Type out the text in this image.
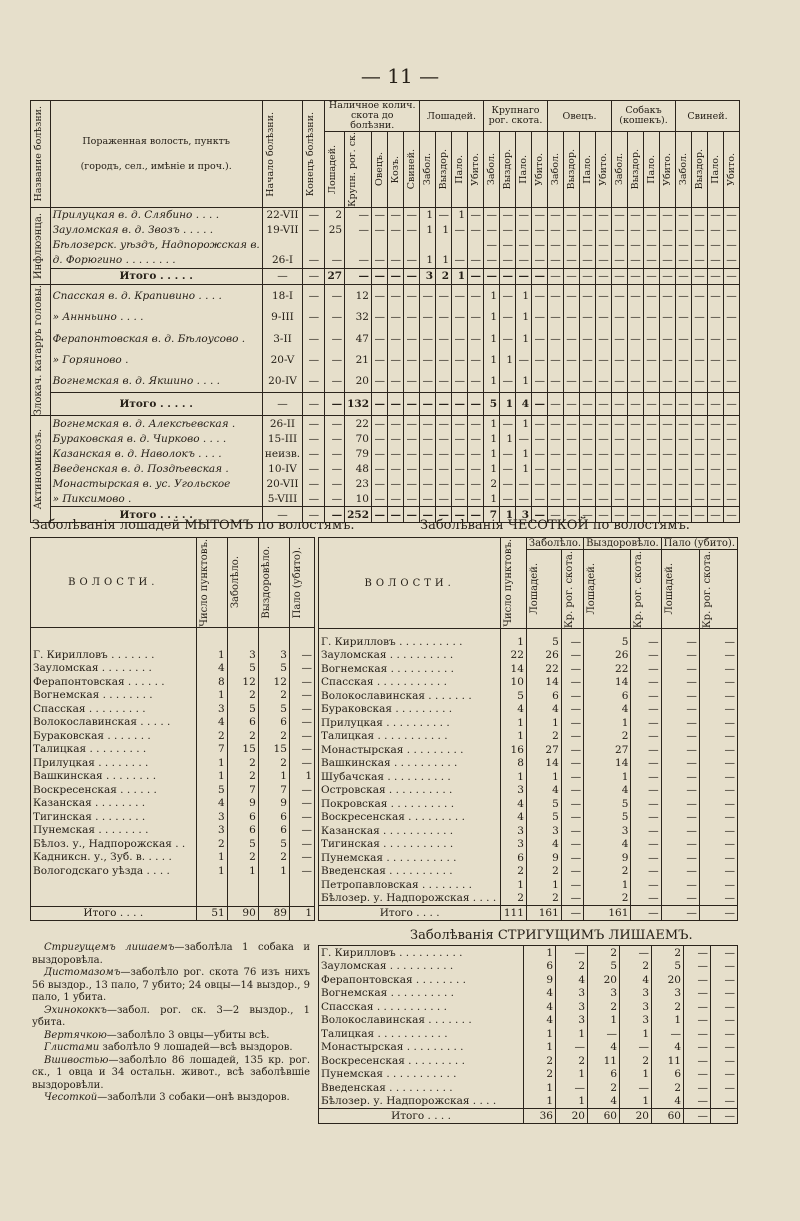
— 11 —
Название болѣзни.	Пораженная волость, пунктъ
(городъ, сел., имѣніе и проч.).	Начало болѣзни.	Конецъ болѣзни.	Наличное колич. скота до болѣзни.					Лошадей.				Крупнаго рог. скота.				Овецъ.				Собакъ (кошекъ).				Свиней.			

				Лошадей.	Крупн. рог. ск.	Овецъ.	Козъ.	Свиней.	Забол.	Выздор.	Пало.	Убито.	Забол.	Выздор.	Пало.	Убито.	Забол.	Выздор.	Пало.	Убито.	Забол.	Выздор.	Пало.	Убито.	Забол.	Выздор.	Пало.	Убито.

Инфлюэнца.	Прилуцкая в. д. Слябино . . . .	22-VII	—	2	—	—	—	—	1	—	1	—	—	—	—	—	—	—	—	—	—	—	—	—	—	—	—	—
	Зауломская в. д. Звозъ . . . . .	19-VII	—	25	—	—	—	—	1	1	—	—	—	—	—	—	—	—	—	—	—	—	—	—	—	—	—	—
	Бѣлозерск. уѣздъ, Надпорожская в.												—	—	—	—	—	—	—	—	—	—	—	—	—	—	—	—
	д. Форюгино . . . . . . . .	26-I	—	—	—	—	—	—	1	1	—	—	—	—	—	—	—	—	—	—	—	—	—	—	—	—	—	—
	Итого . . . . .	—	—	27	—	—	—	—	3	2	1	—	—	—	—	—	—	—	—	—	—	—	—	—	—	—	—	—

Злокач. катарръ головы.	Спасская в. д. Крапивино . . . .	18-I	—	—	12	—	—	—	—	—	—	—	1	—	1	—	—	—	—	—	—	—	—	—	—	—	—	—
	» Аннньино . . . .	9-III	—	—	32	—	—	—	—	—	—	—	1	—	1	—	—	—	—	—	—	—	—	—	—	—	—	—
	Ферапонтовская в. д. Бѣлоусово .	3-II	—	—	47	—	—	—	—	—	—	—	1	—	1	—	—	—	—	—	—	—	—	—	—	—	—	—
	» Горяиново .	20-V	—	—	21	—	—	—	—	—	—	—	1	1	—	—	—	—	—	—	—	—	—	—	—	—	—	—
	Вогнемская в. д. Якшино . . . .	20-IV	—	—	20	—	—	—	—	—	—	—	1	—	1	—	—	—	—	—	—	—	—	—	—	—	—	—
	Итого . . . . .	—	—	—	132	—	—	—	—	—	—	—	5	1	4	—	—	—	—	—	—	—	—	—	—	—	—	—

Актиномикозъ.	Вогнемская в. д. Алексѣевская .	26-II	—	—	22	—	—	—	—	—	—	—	1	—	1	—	—	—	—	—	—	—	—	—	—	—	—	—
	Бураковская в. д. Чирково . . . .	15-III	—	—	70	—	—	—	—	—	—	—	1	1	—	—	—	—	—	—	—	—	—	—	—	—	—	—
	Казанская в. д. Наволокъ . . . .	неизв.	—	—	79	—	—	—	—	—	—	—	1	—	1	—	—	—	—	—	—	—	—	—	—	—	—	—
	Введенская в. д. Поздѣевская .	10-IV	—	—	48	—	—	—	—	—	—	—	1	—	1	—	—	—	—	—	—	—	—	—	—	—	—	—
	Монастырская в. ус. Угольское	20-VII	—	—	23	—	—	—	—	—	—	—	2	—	—	—	—	—	—	—	—	—	—	—	—	—	—	—
	» Пиксимово .	5-VIII	—	—	10	—	—	—	—	—	—	—	1	—	—	—	—	—	—	—	—	—	—	—	—	—	—	—
	Итого . . . . .	—	—	—	252	—	—	—	—	—	—	—	7	1	3	—	—	—	—	—	—	—	—	—	—	—	—	—
Заболѣванія лошадей МЫТОМЪ по волостямъ.	Заболѣванія ЧЕСОТКОЙ по волостямъ.
ВОЛОСТИ.	Число пунктовъ.	Заболѣло.	Выздоровѣло.	Пало (убито).

Г. Кирилловъ . . . . . . .	1	3	3	—
Зауломская . . . . . . . .	4	5	5	—
Ферапонтовская . . . . . .	8	12	12	—
Вогнемская . . . . . . . .	1	2	2	—
Спасская . . . . . . . . .	3	5	5	—
Волокославинская . . . . .	4	6	6	—
Бураковская . . . . . . .	2	2	2	—
Талицкая . . . . . . . . .	7	15	15	—
Прилуцкая . . . . . . . .	1	2	2	—
Вашкинская . . . . . . . .	1	2	1	1
Воскресенская . . . . . .	5	7	7	—
Казанская . . . . . . . .	4	9	9	—
Тигинская . . . . . . . .	3	6	6	—
Пунемская . . . . . . . .	3	6	6	—
Бѣлоз. у., Надпорожская . .	2	5	5	—
Кадниксн. у., Зуб. в. . . . .	1	2	2	—
Вологодскаго уѣзда . . . .	1	1	1	—

Итого . . . .	51	90	89	1

Стригущемъ лишаемъ—заболѣла 1 собака и выздоровѣла.

Дистомазомъ—заболѣло рог. скота 76 изъ нихъ 56 выздор., 13 пало, 7 убито; 24 овцы—14 выздор., 9 пало, 1 убита.

Эхинококкъ—забол. рог. ск. 3—2 выздор., 1 убита.

Вертячкою—заболѣло 3 овцы—убиты всѣ.

Глистами заболѣло 9 лошадей—всѣ выздоров.

Вшивостью—заболѣло 86 лошадей, 135 кр. рог. ск., 1 овца и 34 остальн. живот., всѣ заболѣвшіе выздоровѣли.

Чесоткой—заболѣли 3 собаки—онѣ выздоров.

ВОЛОСТИ.	Число пунктовъ.	Заболѣло.		Выздоровѣло.		Пало (убито).	

		Лошадей.	Кр. рог. скота.	Лошадей.	Кр. рог. скота.	Лошадей.	Кр. рог. скота.

Г. Кирилловъ . . . . . . . . . .	1	5	—	5	—	—	—
Зауломская . . . . . . . . . .	22	26	—	26	—	—	—
Вогнемская . . . . . . . . . .	14	22	—	22	—	—	—
Спасская . . . . . . . . . . .	10	14	—	14	—	—	—
Волокославинская . . . . . . .	5	6	—	6	—	—	—
Бураковская . . . . . . . . .	4	4	—	4	—	—	—
Прилуцкая . . . . . . . . . .	1	1	—	1	—	—	—
Талицкая . . . . . . . . . . .	1	2	—	2	—	—	—
Монастырская . . . . . . . . .	16	27	—	27	—	—	—
Вашкинская . . . . . . . . . .	8	14	—	14	—	—	—
Шубачская . . . . . . . . . .	1	1	—	1	—	—	—
Островская . . . . . . . . . .	3	4	—	4	—	—	—
Покровская . . . . . . . . . .	4	5	—	5	—	—	—
Воскресенская . . . . . . . . .	4	5	—	5	—	—	—
Казанская . . . . . . . . . . .	3	3	—	3	—	—	—
Тигинская . . . . . . . . . . .	3	4	—	4	—	—	—
Пунемская . . . . . . . . . . .	6	9	—	9	—	—	—
Введенская . . . . . . . . . .	2	2	—	2	—	—	—
Петропавловская . . . . . . . .	1	1	—	1	—	—	—
Бѣлозер. у. Надпорожская . . . .	2	2	—	2	—	—	—
Итого . . . .	111	161	—	161	—	—	—
Заболѣванія СТРИГУЩИМЪ ЛИШАЕМЪ.
Г. Кирилловъ . . . . . . . . . .	1	—	2	—	2	—	—
Зауломская . . . . . . . . . .	6	2	5	2	5	—	—
Ферапонтовская . . . . . . . .	9	4	20	4	20	—	—
Вогнемская . . . . . . . . . .	4	3	3	3	3	—	—
Спасская . . . . . . . . . . .	4	3	2	3	2	—	—
Волокославинская . . . . . . .	4	3	1	3	1	—	—
Талицкая . . . . . . . . . . .	1	1	—	1	—	—	—
Монастырская . . . . . . . . .	1	—	4	—	4	—	—
Воскресенская . . . . . . . . .	2	2	11	2	11	—	—
Пунемская . . . . . . . . . . .	2	1	6	1	6	—	—
Введенская . . . . . . . . . .	1	—	2	—	2	—	—
Бѣлозер. у. Надпорожская . . . .	1	1	4	1	4	—	—
Итого . . . .	36	20	60	20	60	—	—
